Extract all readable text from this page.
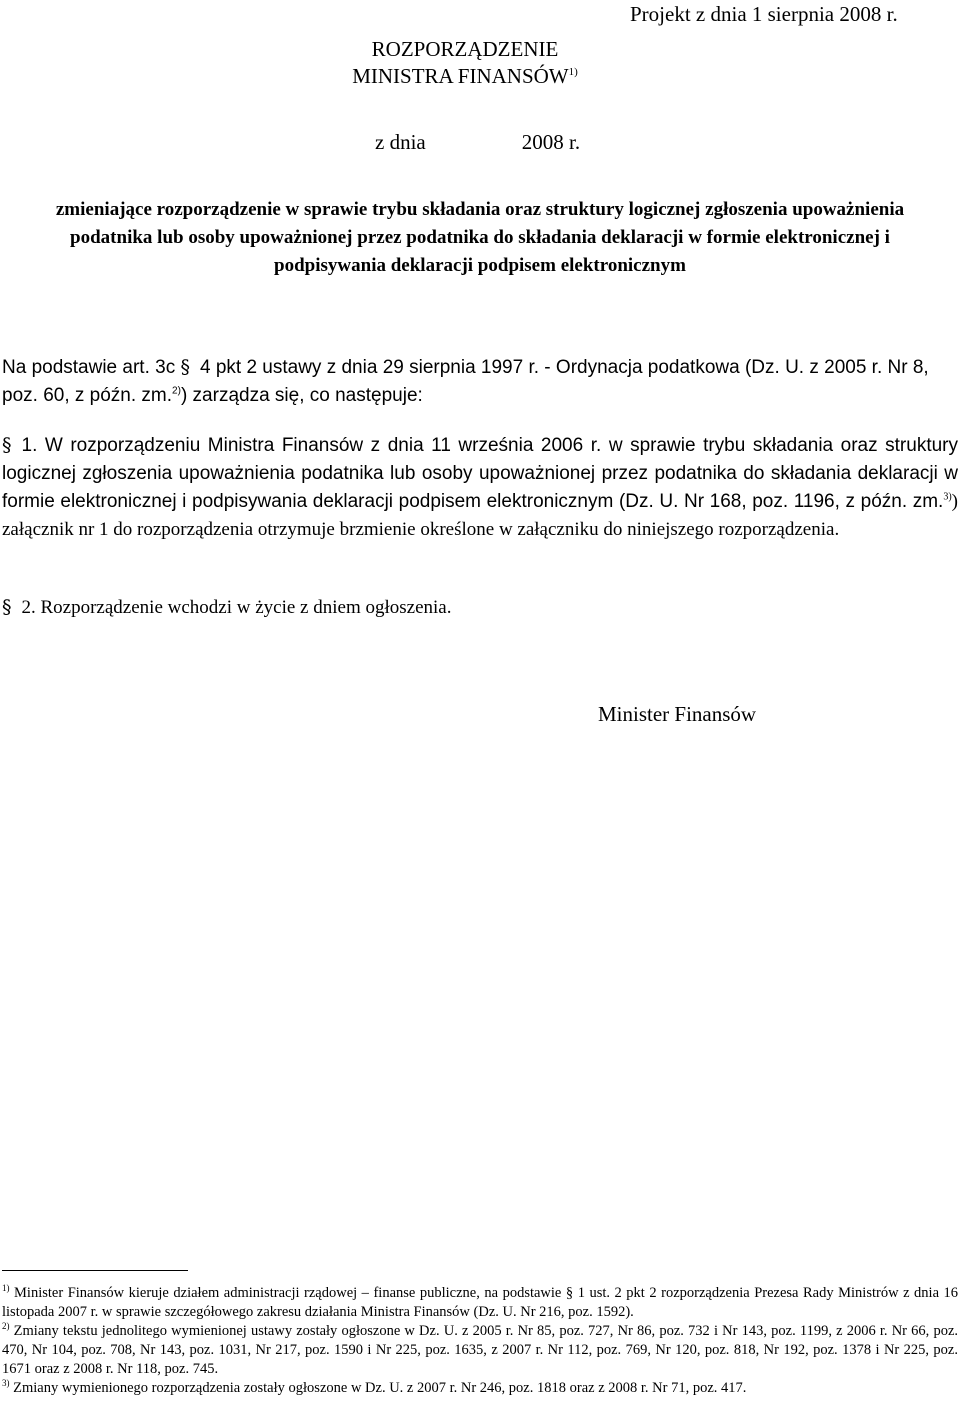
Projekt z dnia 1 sierpnia 2008 r.
ROZPORZĄDZENIE
MINISTRA FINANSÓW$^{1)}$
z dnia	2008 r.
zmieniające rozporządzenie w sprawie trybu składania oraz struktury logicznej zgłoszenia upoważnienia podatnika lub osoby upoważnionej przez podatnika do składania deklaracji w formie elektronicznej i podpisywania deklaracji podpisem elektronicznym
Na podstawie art. 3c § 4 pkt 2 ustawy z dnia 29 sierpnia 1997 r. - Ordynacja podatkowa (Dz. U. z 2005 r. Nr 8, poz. 60, z późn. zm.$^{2)}$) zarządza się, co następuje:
§ 1. W rozporządzeniu Ministra Finansów z dnia 11 września 2006 r. w sprawie trybu składania oraz struktury logicznej zgłoszenia upoważnienia podatnika lub osoby upoważnionej przez podatnika do składania deklaracji w formie elektronicznej i podpisywania deklaracji podpisem elektronicznym (Dz. U. Nr 168, poz. 1196, z późn. zm.$^{3)}$) załącznik nr 1 do rozporządzenia otrzymuje brzmienie określone w załączniku do niniejszego rozporządzenia.
§ 2. Rozporządzenie wchodzi w życie z dniem ogłoszenia.
Minister Finansów

$^{1)}$ Minister Finansów kieruje działem administracji rządowej – finanse publiczne, na podstawie § 1 ust. 2 pkt 2 rozporządzenia Prezesa Rady Ministrów z dnia 16 listopada 2007 r. w sprawie szczegółowego zakresu działania Ministra Finansów (Dz. U. Nr 216, poz. 1592).

$^{2)}$ Zmiany tekstu jednolitego wymienionej ustawy zostały ogłoszone w Dz. U. z 2005 r. Nr 85, poz. 727, Nr 86, poz. 732 i Nr 143, poz. 1199, z 2006 r. Nr 66, poz. 470, Nr 104, poz. 708, Nr 143, poz. 1031, Nr 217, poz. 1590 i Nr 225, poz. 1635, z 2007 r. Nr 112, poz. 769, Nr 120, poz. 818, Nr 192, poz. 1378 i Nr 225, poz. 1671 oraz z 2008 r. Nr 118, poz. 745.

$^{3)}$ Zmiany wymienionego rozporządzenia zostały ogłoszone w Dz. U. z 2007 r. Nr 246, poz. 1818 oraz z 2008 r. Nr 71, poz. 417.
